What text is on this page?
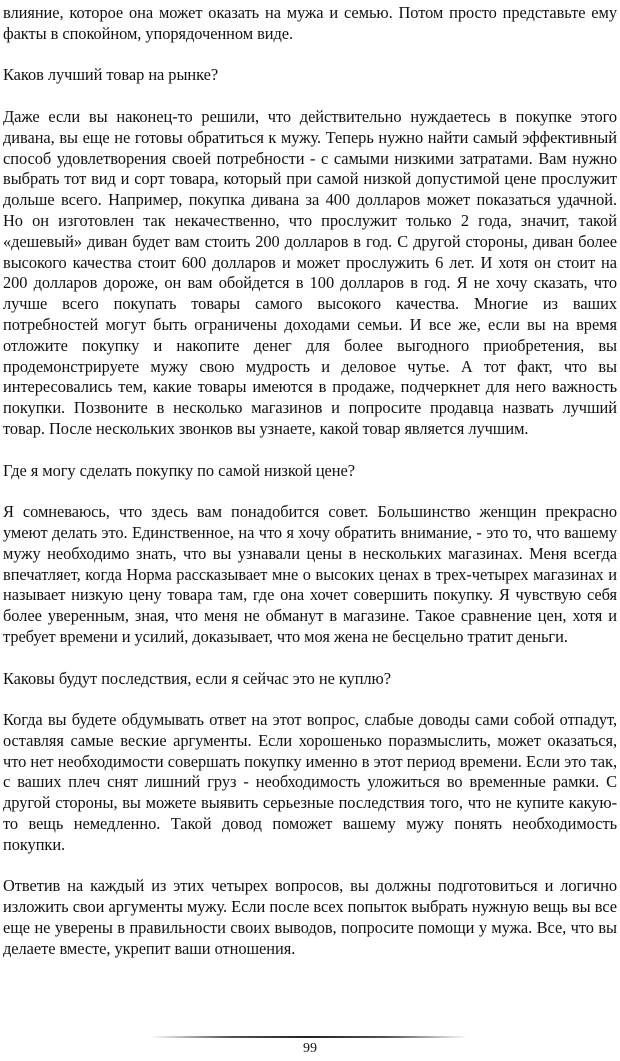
влияние, которое она может оказать на мужа и семью. Потом просто представьте ему факты в спокойном, упорядоченном виде.

Каков лучший товар на рынке?

Даже если вы наконец-то решили, что действительно нуждаетесь в покупке этого дивана, вы еще не готовы обратиться к мужу. Теперь нужно найти самый эффективный способ удовлетворения своей потребности - с самыми низкими затратами. Вам нужно выбрать тот вид и сорт товара, который при самой низкой допустимой цене прослужит дольше всего. Например, покупка дивана за 400 долларов может показаться удачной. Но он изготовлен так некачественно, что прослужит только 2 года, значит, такой «дешевый» диван будет вам стоить 200 долларов в год. С другой стороны, диван более высокого качества стоит 600 долларов и может прослужить 6 лет. И хотя он стоит на 200 долларов дороже, он вам обойдется в 100 долларов в год. Я не хочу сказать, что лучше всего покупать товары самого высокого качества. Многие из ваших потребностей могут быть ограничены доходами семьи. И все же, если вы на время отложите покупку и накопите денег для более выгодного приобретения, вы продемонстрируете мужу свою мудрость и деловое чутье. А тот факт, что вы интересовались тем, какие товары имеются в продаже, подчеркнет для него важность покупки. Позвоните в несколько магазинов и попросите продавца назвать лучший товар. После нескольких звонков вы узнаете, какой товар является лучшим.

Где я могу сделать покупку по самой низкой цене?

Я сомневаюсь, что здесь вам понадобится совет. Большинство женщин прекрасно умеют делать это. Единственное, на что я хочу обратить внимание, - это то, что вашему мужу необходимо знать, что вы узнавали цены в нескольких магазинах. Меня всегда впечатляет, когда Норма рассказывает мне о высоких ценах в трех-четырех магазинах и называет низкую цену товара там, где она хочет совершить покупку. Я чувствую себя более уверенным, зная, что меня не обманут в магазине. Такое сравнение цен, хотя и требует времени и усилий, доказывает, что моя жена не бесцельно тратит деньги.

Каковы будут последствия, если я сейчас это не куплю?

Когда вы будете обдумывать ответ на этот вопрос, слабые доводы сами собой отпадут, оставляя самые веские аргументы. Если хорошенько поразмыслить, может оказаться, что нет необходимости совершать покупку именно в этот период времени. Если это так, с ваших плеч снят лишний груз - необходимость уложиться во временные рамки. С другой стороны, вы можете выявить серьезные последствия того, что не купите какую-то вещь немедленно. Такой довод поможет вашему мужу понять необходимость покупки.

Ответив на каждый из этих четырех вопросов, вы должны подготовиться и логично изложить свои аргументы мужу. Если после всех попыток выбрать нужную вещь вы все еще не уверены в правильности своих выводов, попросите помощи у мужа. Все, что вы делаете вместе, укрепит ваши отношения.

99
